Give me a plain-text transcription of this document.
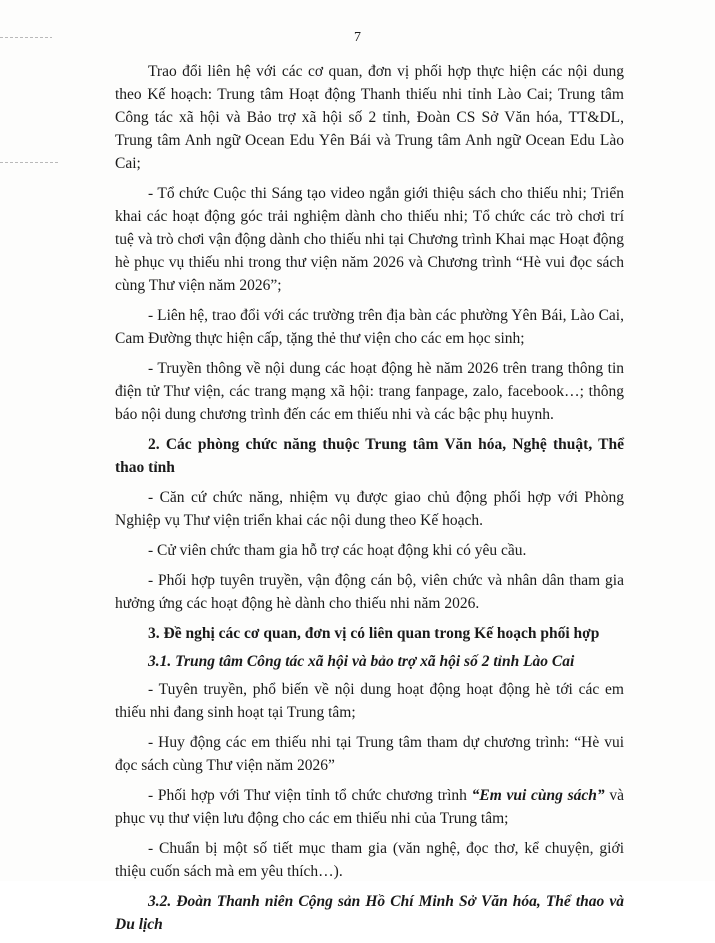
7

Trao đổi liên hệ với các cơ quan, đơn vị phối hợp thực hiện các nội dung theo Kế hoạch: Trung tâm Hoạt động Thanh thiếu nhi tỉnh Lào Cai; Trung tâm Công tác xã hội và Bảo trợ xã hội số 2 tỉnh, Đoàn CS Sở Văn hóa, TT&DL, Trung tâm Anh ngữ Ocean Edu Yên Bái và Trung tâm Anh ngữ Ocean Edu Lào Cai;

- Tổ chức Cuộc thi Sáng tạo video ngắn giới thiệu sách cho thiếu nhi; Triển khai các hoạt động góc trải nghiệm dành cho thiếu nhi; Tổ chức các trò chơi trí tuệ và trò chơi vận động dành cho thiếu nhi tại Chương trình Khai mạc Hoạt động hè phục vụ thiếu nhi trong thư viện năm 2026 và Chương trình “Hè vui đọc sách cùng Thư viện năm 2026”;

- Liên hệ, trao đổi với các trường trên địa bàn các phường Yên Bái, Lào Cai, Cam Đường thực hiện cấp, tặng thẻ thư viện cho các em học sinh;

- Truyền thông về nội dung các hoạt động hè năm 2026 trên trang thông tin điện tử Thư viện, các trang mạng xã hội: trang fanpage, zalo, facebook…; thông báo nội dung chương trình đến các em thiếu nhi và các bậc phụ huynh.

2. Các phòng chức năng thuộc Trung tâm Văn hóa, Nghệ thuật, Thể thao tỉnh

- Căn cứ chức năng, nhiệm vụ được giao chủ động phối hợp với Phòng Nghiệp vụ Thư viện triển khai các nội dung theo Kế hoạch.

- Cử viên chức tham gia hỗ trợ các hoạt động khi có yêu cầu.

- Phối hợp tuyên truyền, vận động cán bộ, viên chức và nhân dân tham gia hưởng ứng các hoạt động hè dành cho thiếu nhi năm 2026.

3. Đề nghị các cơ quan, đơn vị có liên quan trong Kế hoạch phối hợp

3.1. Trung tâm Công tác xã hội và bảo trợ xã hội số 2 tỉnh Lào Cai

- Tuyên truyền, phổ biến về nội dung hoạt động hoạt động hè tới các em thiếu nhi đang sinh hoạt tại Trung tâm;

- Huy động các em thiếu nhi tại Trung tâm tham dự chương trình: “Hè vui đọc sách cùng Thư viện năm 2026”

- Phối hợp với Thư viện tỉnh tổ chức chương trình “Em vui cùng sách” và phục vụ thư viện lưu động cho các em thiếu nhi của Trung tâm;

- Chuẩn bị một số tiết mục tham gia (văn nghệ, đọc thơ, kể chuyện, giới thiệu cuốn sách mà em yêu thích…).

3.2. Đoàn Thanh niên Cộng sản Hồ Chí Minh Sở Văn hóa, Thể thao và Du lịch
